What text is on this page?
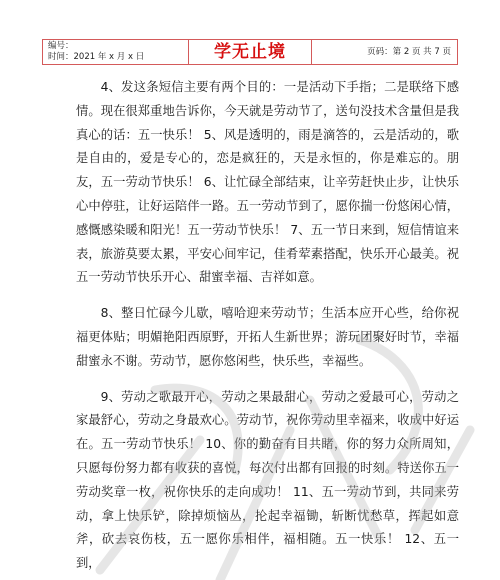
编号：
时间：2021 年 x 月 x 日	学无止境	页码：第 2 页 共 7 页

4、发这条短信主要有两个目的：一是活动下手指；二是联络下感情。现在很郑重地告诉你，今天就是劳动节了，送句没技术含量但是我真心的话：五一快乐！ 5、风是透明的，雨是滴答的，云是活动的，歌是自由的，爱是专心的，恋是疯狂的，天是永恒的，你是难忘的。朋友，五一劳动节快乐！ 6、让忙碌全部结束，让辛劳赶快止步，让快乐心中停驻，让好运陪伴一路。五一劳动节到了，愿你揣一份悠闲心情，感慨感染暖和阳光！五一劳动节快乐！ 7、五一节日来到，短信情谊来表，旅游莫要太累，平安心间牢记，佳肴荤素搭配，快乐开心最美。祝五一劳动节快乐开心、甜蜜幸福、吉祥如意。

8、整日忙碌今儿歇，嘻哈迎来劳动节；生活本应开心些，给你祝福更体贴；明媚艳阳西原野，开拓人生新世界；游玩团聚好时节，幸福甜蜜永不谢。劳动节，愿你悠闲些，快乐些，幸福些。

9、劳动之歌最开心，劳动之果最甜心，劳动之爱最可心，劳动之家最舒心，劳动之身最欢心。劳动节，祝你劳动里幸福来，收成中好运在。五一劳动节快乐！ 10、你的勤奋有目共睹，你的努力众所周知，只愿每份努力都有收获的喜悦，每次付出都有回报的时刻。特送你五一劳动奖章一枚，祝你快乐的走向成功！ 11、五一劳动节到，共同来劳动，拿上快乐铲，除掉烦恼丛，抡起幸福锄，斩断忧愁草，挥起如意斧，砍去哀伤枝，五一愿你乐相伴，福相随。五一快乐！ 12、五一到，
